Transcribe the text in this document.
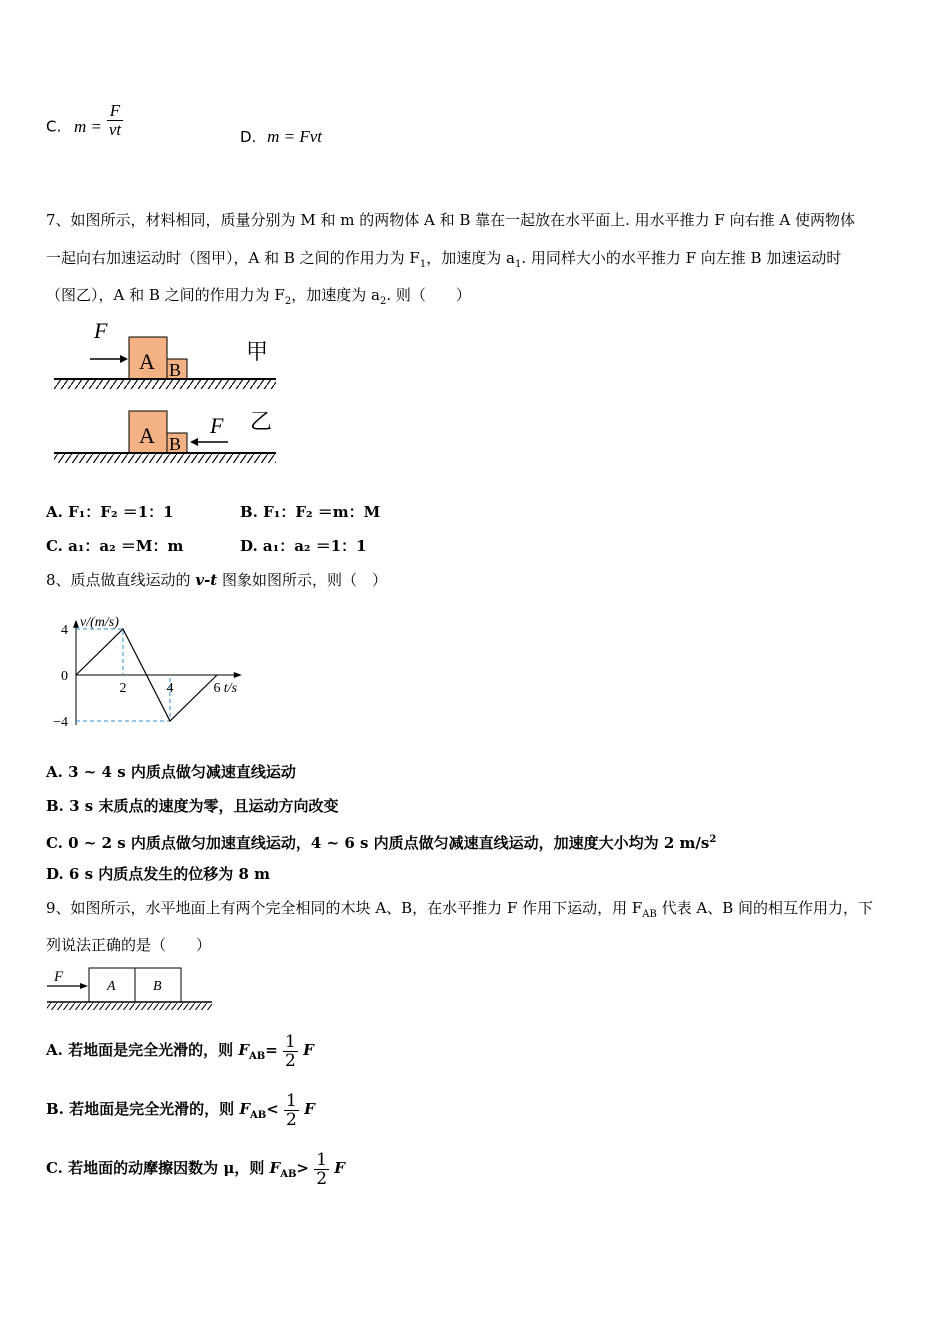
C. $m = \frac{F}{vt}$	D. m = Fvt
7、如图所示，材料相同，质量分别为 M 和 m 的两物体 A 和 B 靠在一起放在水平面上. 用水平推力 F 向右推 A 使两物体
一起向右加速运动时（图甲），A 和 B 之间的作用力为 $F_1$，加速度为 $a_1$. 用同样大小的水平推力 F 向左推 B 加速运动时
（图乙），A 和 B 之间的作用力为 $F_2$，加速度为 $a_2$. 则（　　）
F
A B
甲
A B
F 乙
A. F₁：F₂ ＝1：1	B. F₁：F₂ ＝m：M
C. a₁：a₂ ＝M：m	D. a₁：a₂ ＝1：1
8、质点做直线运动的 v-t 图象如图所示，则（　）
v/(m/s)
t/s
4
0
−4
2	4	6
A. 3 ~ 4 s 内质点做匀减速直线运动
B. 3 s 末质点的速度为零，且运动方向改变
C. 0 ~ 2 s 内质点做匀加速直线运动，4 ~ 6 s 内质点做匀减速直线运动，加速度大小均为 2 $m/s^2$
D. 6 s 内质点发生的位移为 8 m
9、如图所示，水平地面上有两个完全相同的木块 A、B，在水平推力 F 作用下运动，用 $F_{AB}$ 代表 A、B 间的相互作用力，下
列说法正确的是（　　）
F
A	B
A. 若地面是完全光滑的，则 $F_{AB}= \frac{1}{2}$ F
B. 若地面是完全光滑的，则 $F_{AB}< \frac{1}{2}$ F
C. 若地面的动摩擦因数为 μ，则 $F_{AB}> \frac{1}{2}$ F
